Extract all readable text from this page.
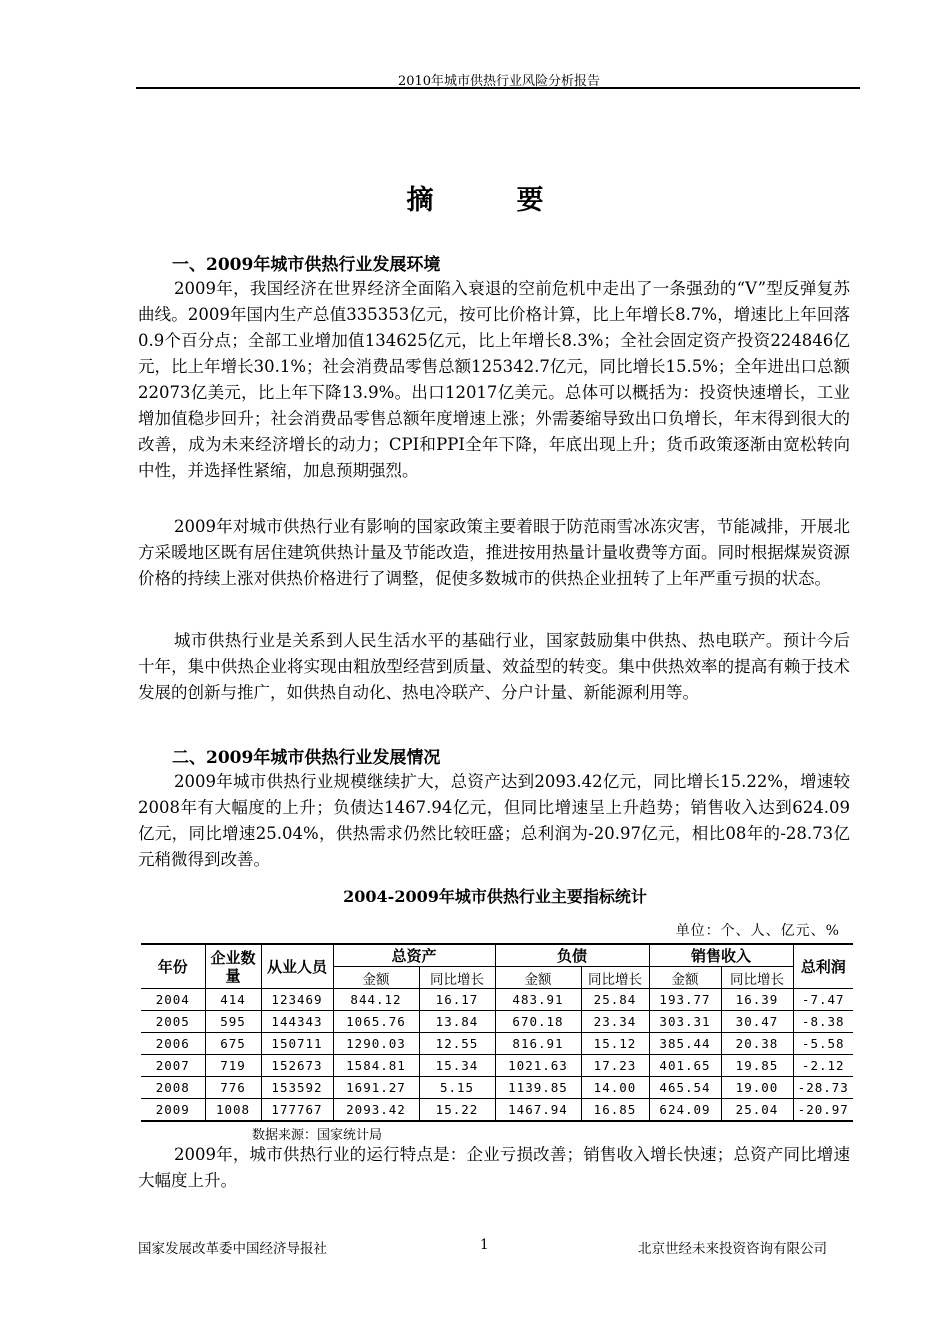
2010年城市供热行业风险分析报告
摘　要
一、2009年城市供热行业发展环境

2009年，我国经济在世界经济全面陷入衰退的空前危机中走出了一条强劲的“V”型反弹复苏曲线。2009年国内生产总值335353亿元，按可比价格计算，比上年增长8.7%，增速比上年回落0.9个百分点；全部工业增加值134625亿元，比上年增长8.3%；全社会固定资产投资224846亿元，比上年增长30.1%；社会消费品零售总额125342.7亿元，同比增长15.5%；全年进出口总额22073亿美元，比上年下降13.9%。出口12017亿美元。总体可以概括为：投资快速增长，工业增加值稳步回升；社会消费品零售总额年度增速上涨；外需萎缩导致出口负增长，年末得到很大的改善，成为未来经济增长的动力；CPI和PPI全年下降，年底出现上升；货币政策逐渐由宽松转向中性，并选择性紧缩，加息预期强烈。

2009年对城市供热行业有影响的国家政策主要着眼于防范雨雪冰冻灾害，节能减排，开展北方采暖地区既有居住建筑供热计量及节能改造，推进按用热量计量收费等方面。同时根据煤炭资源价格的持续上涨对供热价格进行了调整，促使多数城市的供热企业扭转了上年严重亏损的状态。

城市供热行业是关系到人民生活水平的基础行业，国家鼓励集中供热、热电联产。预计今后十年，集中供热企业将实现由粗放型经营到质量、效益型的转变。集中供热效率的提高有赖于技术发展的创新与推广，如供热自动化、热电冷联产、分户计量、新能源利用等。

二、2009年城市供热行业发展情况

2009年城市供热行业规模继续扩大，总资产达到2093.42亿元，同比增长15.22%，增速较2008年有大幅度的上升；负债达1467.94亿元，但同比增速呈上升趋势；销售收入达到624.09亿元，同比增速25.04%，供热需求仍然比较旺盛；总利润为-20.97亿元，相比08年的-28.73亿元稍微得到改善。

2004-2009年城市供热行业主要指标统计
单位：个、人、亿元、%
年份	企业数量	从业人员	总资产		负债		销售收入		总利润
			金额	同比增长	金额	同比增长	金额	同比增长	
2004	414	123469	844.12	16.17	483.91	25.84	193.77	16.39	-7.47
2005	595	144343	1065.76	13.84	670.18	23.34	303.31	30.47	-8.38
2006	675	150711	1290.03	12.55	816.91	15.12	385.44	20.38	-5.58
2007	719	152673	1584.81	15.34	1021.63	17.23	401.65	19.85	-2.12
2008	776	153592	1691.27	5.15	1139.85	14.00	465.54	19.00	-28.73
2009	1008	177767	2093.42	15.22	1467.94	16.85	624.09	25.04	-20.97
数据来源：国家统计局

2009年，城市供热行业的运行特点是：企业亏损改善；销售收入增长快速；总资产同比增速大幅度上升。

国家发展改革委中国经济导报社	1	北京世经未来投资咨询有限公司
